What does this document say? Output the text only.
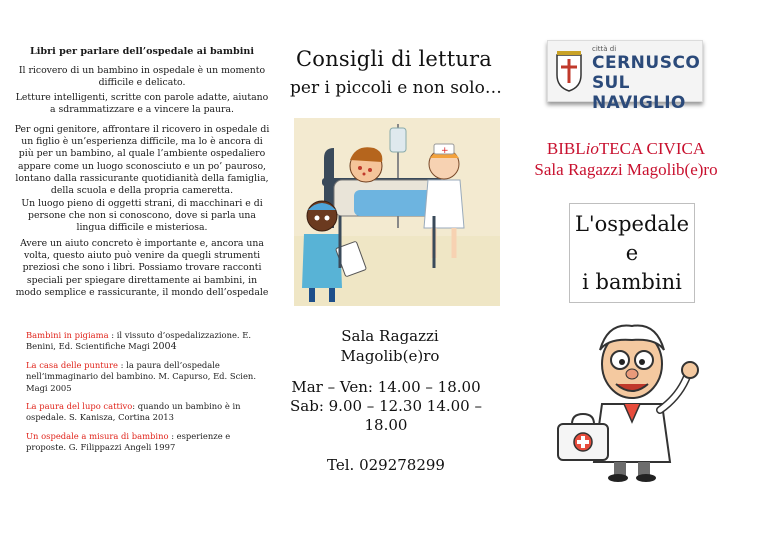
Libri per parlare dell’ospedale ai bambini

Il ricovero di un bambino in ospedale è un momento difficile e delicato.

Letture intelligenti, scritte con parole adatte, aiutano a sdrammatizzare e a vincere la paura.

Per ogni genitore, affrontare il ricovero in ospedale di un figlio è un’esperienza difficile, ma lo è ancora di più per un bambino, al quale l’ambiente ospedaliero appare come un luogo sconosciuto e un po’ pauroso, lontano dalla rassicurante quotidianità della famiglia, della scuola e della propria cameretta.

Un luogo pieno di oggetti strani, di macchinari e di persone che non si conoscono, dove si parla una lingua difficile e misteriosa.

Avere un aiuto concreto è importante e, ancora una volta, questo aiuto può venire da quegli strumenti preziosi che sono i libri. Possiamo trovare racconti speciali per spiegare direttamente ai bambini, in modo semplice e rassicurante, il mondo dell’ospedale

Bambini in pigiama : il vissuto d’ospedalizzazione. E. Benini, Ed. Scientifiche Magi 2004

La casa delle punture : la paura dell’ospedale nell’immaginario del bambino. M. Capurso, Ed. Scien. Magi 2005

La paura del lupo cattivo: quando un bambino è in ospedale. S. Kanisza, Cortina 2013

Un ospedale a misura di bambino : esperienze e proposte. G. Filippazzi Angeli 1997

Consigli di lettura
per i piccoli e non solo…
+
Sala Ragazzi
Magolib(e)ro
Mar – Ven: 14.00 – 18.00
Sab: 9.00 – 12.30 14.00 –
18.00
Tel. 029278299
città di
CERNUSCO
SUL NAVIGLIO
BIBLioTECA CIVICA
Sala Ragazzi Magolib(e)ro
L'ospedale
e
i bambini
